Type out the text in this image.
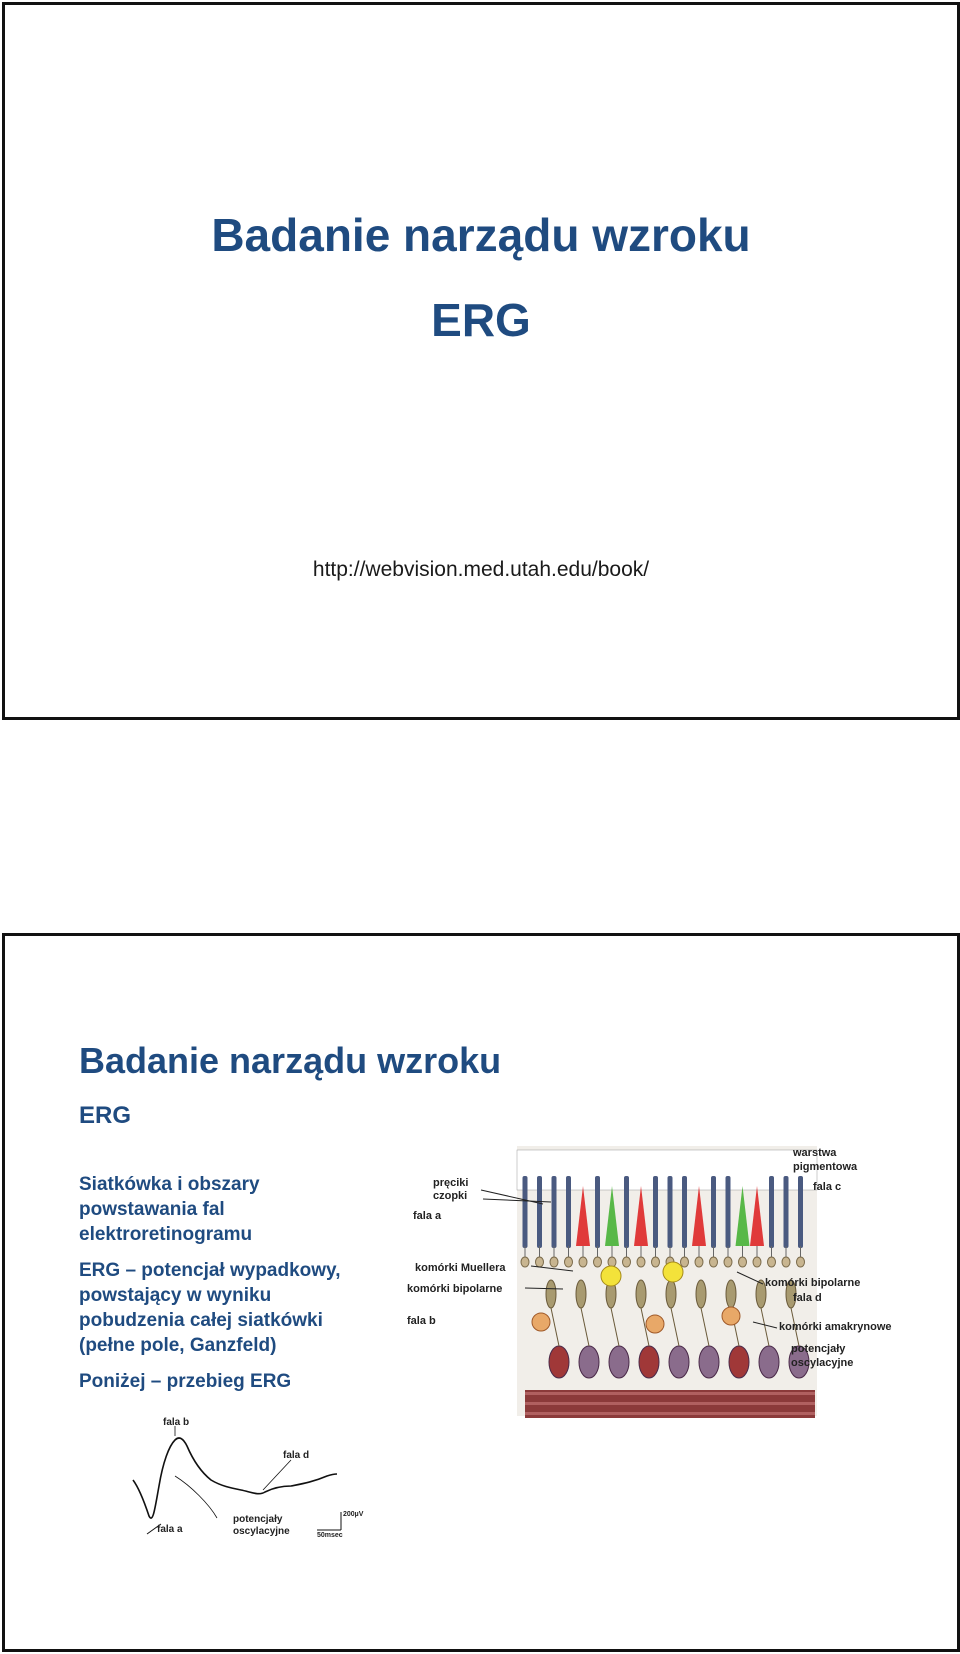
Badanie narządu wzroku
ERG
http://webvision.med.utah.edu/book/
Badanie narządu wzroku
ERG
Siatkówka i obszary
powstawania fal
elektroretinogramu
ERG – potencjał wypadkowy,
powstający w wyniku
pobudzenia całej siatkówki
(pełne pole, Ganzfeld)
Poniżej – przebieg ERG
pręciki
czopki
fala a
komórki Muellera
komórki bipolarne
fala b
warstwa
pigmentowa
fala c
komórki bipolarne
fala d
komórki amakrynowe
potencjały
oscylacyjne
fala b
fala d
fala a
potencjały
oscylacyjne
200µV
50msec
